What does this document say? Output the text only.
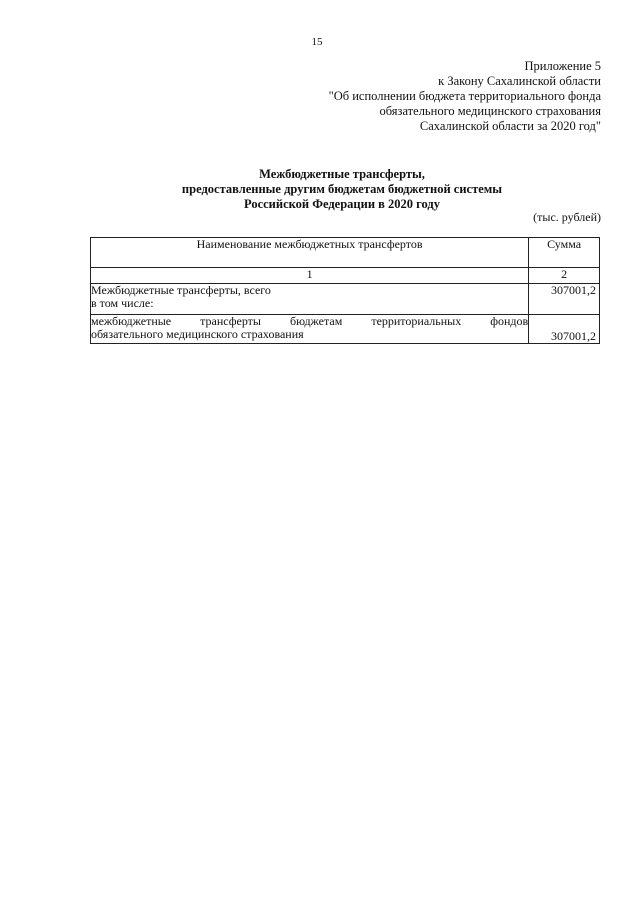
15
Приложение 5
к Закону Сахалинской области
"Об исполнении бюджета территориального фонда
обязательного медицинского страхования
Сахалинской области за 2020 год"
Межбюджетные трансферты,
предоставленные другим бюджетам бюджетной системы
Российской Федерации в 2020 году
(тыс. рублей)
Наименование межбюджетных трансфертов	Сумма
1	2

Межбюджетные трансферты, всего
в том числе:	307001,2

межбюджетные трансферты бюджетам территориальных фондов
обязательного медицинского страхования	307001,2
